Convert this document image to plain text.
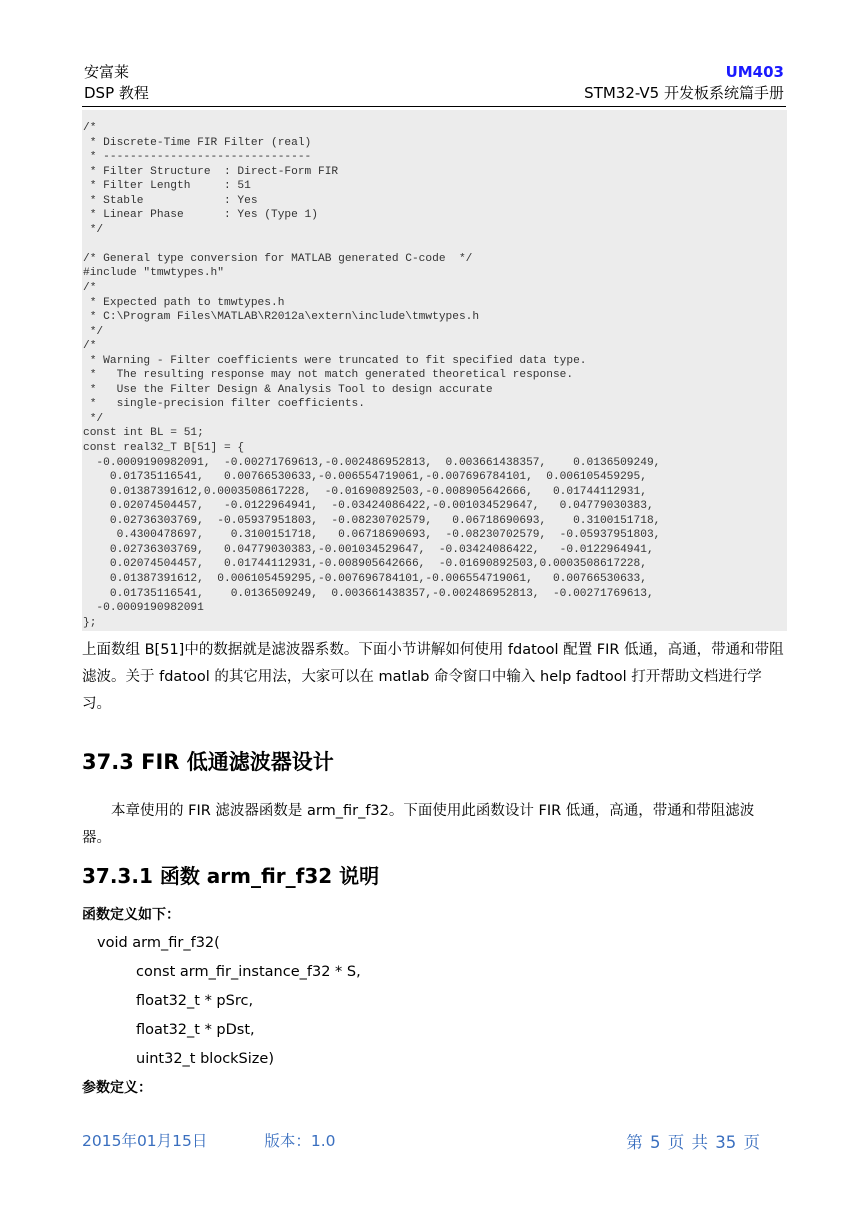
安富莱
DSP 教程
UM403
STM32-V5 开发板系统篇手册
/*
* Discrete-Time FIR Filter (real)
* -------------------------------
* Filter Structure  : Direct-Form FIR
* Filter Length     : 51
* Stable            : Yes
* Linear Phase      : Yes (Type 1)
*/

/* General type conversion for MATLAB generated C-code  */
#include "tmwtypes.h"
/*
* Expected path to tmwtypes.h
* C:\Program Files\MATLAB\R2012a\extern\include\tmwtypes.h
*/
/*
* Warning - Filter coefficients were truncated to fit specified data type.
*   The resulting response may not match generated theoretical response.
*   Use the Filter Design & Analysis Tool to design accurate
*   single-precision filter coefficients.
*/
const int BL = 51;
const real32_T B[51] = {
-0.0009190982091,  -0.00271769613,-0.002486952813,  0.003661438357,    0.0136509249,
0.01735116541,   0.00766530633,-0.006554719061,-0.007696784101,  0.006105459295,
0.01387391612,0.0003508617228,  -0.01690892503,-0.008905642666,   0.01744112931,
0.02074504457,   -0.0122964941,  -0.03424086422,-0.001034529647,   0.04779030383,
0.02736303769,  -0.05937951803,  -0.08230702579,   0.06718690693,    0.3100151718,
0.4300478697,    0.3100151718,   0.06718690693,  -0.08230702579,  -0.05937951803,
0.02736303769,   0.04779030383,-0.001034529647,  -0.03424086422,   -0.0122964941,
0.02074504457,   0.01744112931,-0.008905642666,  -0.01690892503,0.0003508617228,
0.01387391612,  0.006105459295,-0.007696784101,-0.006554719061,   0.00766530633,
0.01735116541,    0.0136509249,  0.003661438357,-0.002486952813,  -0.00271769613,
-0.0009190982091
};
上面数组 B[51]中的数据就是滤波器系数。下面小节讲解如何使用 fdatool 配置 FIR 低通，高通，带通和带阻滤波。关于 fdatool 的其它用法，大家可以在 matlab 命令窗口中输入 help fadtool 打开帮助文档进行学习。
37.3 FIR 低通滤波器设计
本章使用的 FIR 滤波器函数是 arm_fir_f32。下面使用此函数设计 FIR 低通，高通，带通和带阻滤波器。
37.3.1 函数 arm_fir_f32 说明
函数定义如下：
void arm_fir_f32(
const arm_fir_instance_f32 * S,
float32_t * pSrc,
float32_t * pDst,
uint32_t blockSize)
参数定义：
2015年01月15日	版本：1.0	第 5 页 共 35 页
